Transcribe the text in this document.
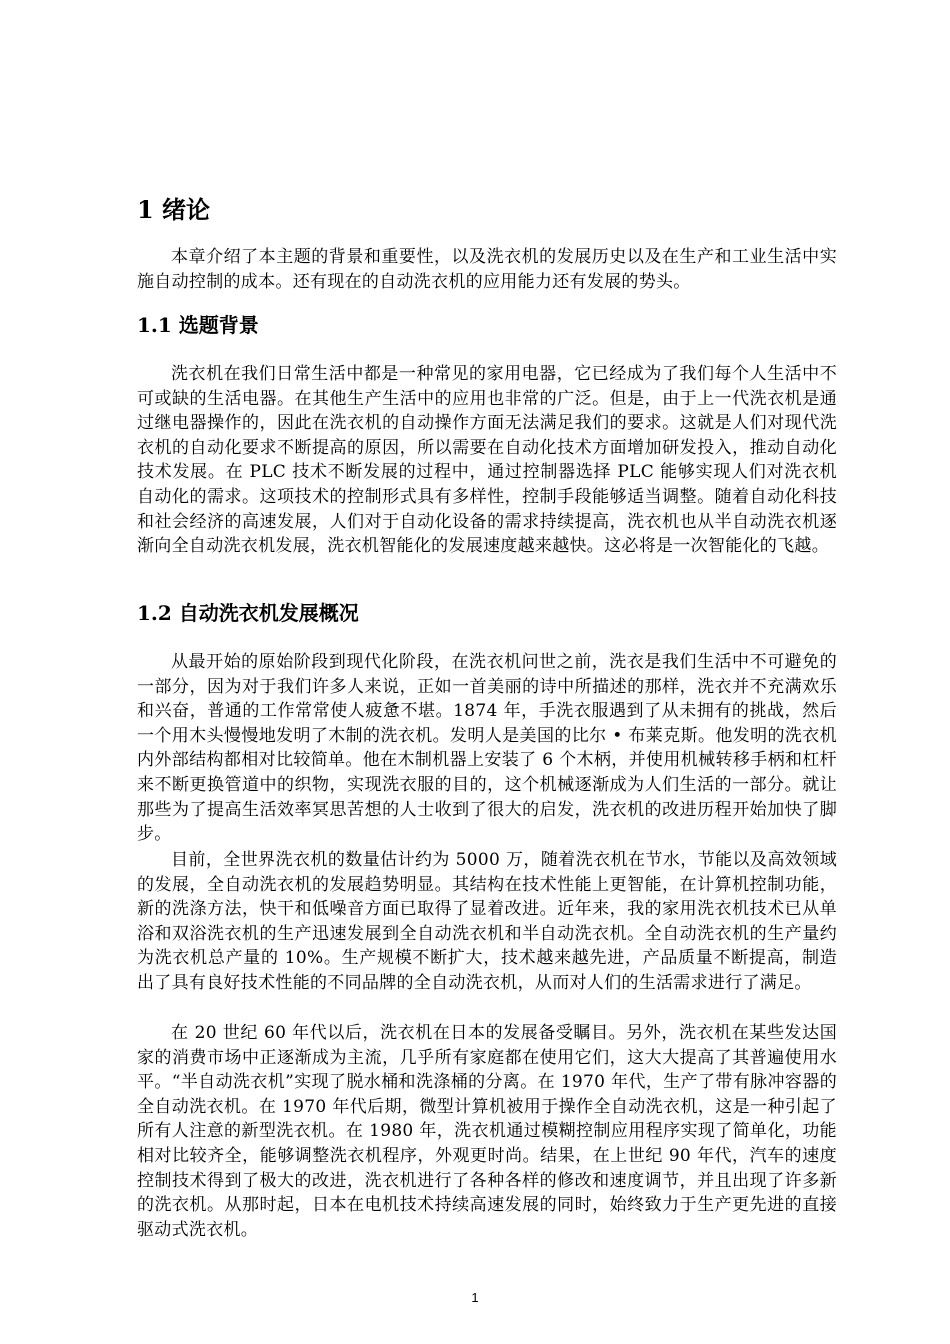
1 绪论

本章介绍了本主题的背景和重要性，以及洗衣机的发展历史以及在生产和工业生活中实施自动控制的成本。还有现在的自动洗衣机的应用能力还有发展的势头。

1.1 选题背景

洗衣机在我们日常生活中都是一种常见的家用电器，它已经成为了我们每个人生活中不可或缺的生活电器。在其他生产生活中的应用也非常的广泛。但是，由于上一代洗衣机是通过继电器操作的，因此在洗衣机的自动操作方面无法满足我们的要求。这就是人们对现代洗衣机的自动化要求不断提高的原因，所以需要在自动化技术方面增加研发投入，推动自动化技术发展。在 PLC 技术不断发展的过程中，通过控制器选择 PLC 能够实现人们对洗衣机自动化的需求。这项技术的控制形式具有多样性，控制手段能够适当调整。随着自动化科技和社会经济的高速发展，人们对于自动化设备的需求持续提高，洗衣机也从半自动洗衣机逐渐向全自动洗衣机发展，洗衣机智能化的发展速度越来越快。这必将是一次智能化的飞越。

1.2 自动洗衣机发展概况

从最开始的原始阶段到现代化阶段，在洗衣机问世之前，洗衣是我们生活中不可避免的一部分，因为对于我们许多人来说，正如一首美丽的诗中所描述的那样，洗衣并不充满欢乐和兴奋，普通的工作常常使人疲惫不堪。1874 年，手洗衣服遇到了从未拥有的挑战，然后一个用木头慢慢地发明了木制的洗衣机。发明人是美国的比尔 • 布莱克斯。他发明的洗衣机内外部结构都相对比较简单。他在木制机器上安装了 6 个木柄，并使用机械转移手柄和杠杆来不断更换管道中的织物，实现洗衣服的目的，这个机械逐渐成为人们生活的一部分。就让那些为了提高生活效率冥思苦想的人士收到了很大的启发，洗衣机的改进历程开始加快了脚步。

目前，全世界洗衣机的数量估计约为 5000 万，随着洗衣机在节水，节能以及高效领域的发展，全自动洗衣机的发展趋势明显。其结构在技术性能上更智能，在计算机控制功能，新的洗涤方法，快干和低噪音方面已取得了显着改进。近年来，我的家用洗衣机技术已从单浴和双浴洗衣机的生产迅速发展到全自动洗衣机和半自动洗衣机。全自动洗衣机的生产量约为洗衣机总产量的 10%。生产规模不断扩大，技术越来越先进，产品质量不断提高，制造出了具有良好技术性能的不同品牌的全自动洗衣机，从而对人们的生活需求进行了满足。

在 20 世纪 60 年代以后，洗衣机在日本的发展备受瞩目。另外，洗衣机在某些发达国家的消费市场中正逐渐成为主流，几乎所有家庭都在使用它们，这大大提高了其普遍使用水平。“半自动洗衣机”实现了脱水桶和洗涤桶的分离。在 1970 年代，生产了带有脉冲容器的全自动洗衣机。在 1970 年代后期，微型计算机被用于操作全自动洗衣机，这是一种引起了所有人注意的新型洗衣机。在 1980 年，洗衣机通过模糊控制应用程序实现了简单化，功能相对比较齐全，能够调整洗衣机程序，外观更时尚。结果，在上世纪 90 年代，汽车的速度控制技术得到了极大的改进，洗衣机进行了各种各样的修改和速度调节，并且出现了许多新的洗衣机。从那时起，日本在电机技术持续高速发展的同时，始终致力于生产更先进的直接驱动式洗衣机。

1
